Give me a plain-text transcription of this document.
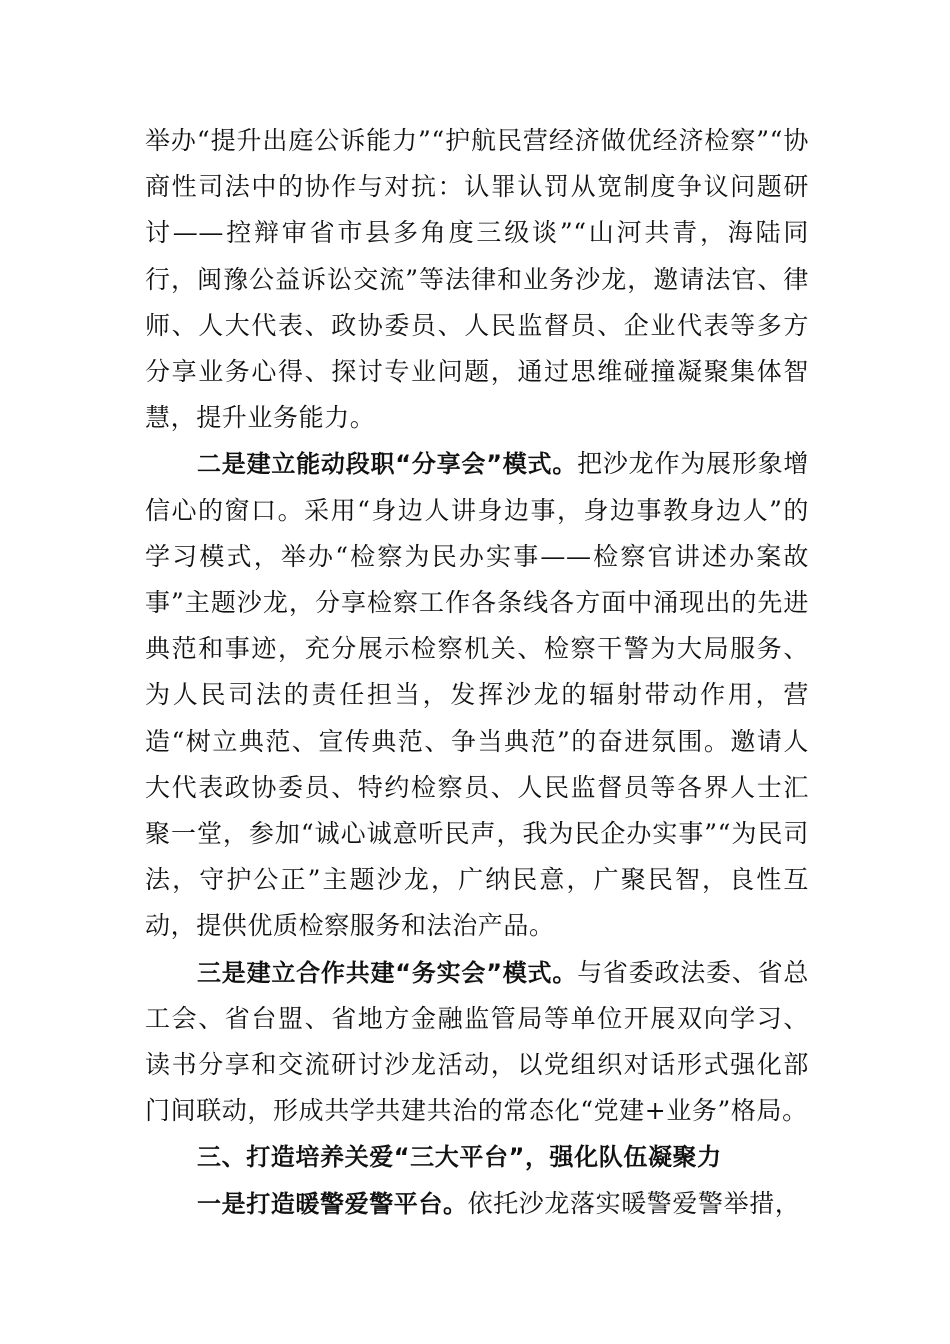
举办“提升出庭公诉能力”“护航民营经济做优经济检察”“协商性司法中的协作与对抗：认罪认罚从宽制度争议问题研讨——控辩审省市县多角度三级谈”“山河共青，海陆同行，闽豫公益诉讼交流”等法律和业务沙龙，邀请法官、律师、人大代表、政协委员、人民监督员、企业代表等多方分享业务心得、探讨专业问题，通过思维碰撞凝聚集体智慧，提升业务能力。

二是建立能动段职“分享会”模式。把沙龙作为展形象增信心的窗口。采用“身边人讲身边事，身边事教身边人”的学习模式，举办“检察为民办实事——检察官讲述办案故事”主题沙龙，分享检察工作各条线各方面中涌现出的先进典范和事迹，充分展示检察机关、检察干警为大局服务、为人民司法的责任担当，发挥沙龙的辐射带动作用，营造“树立典范、宣传典范、争当典范”的奋进氛围。邀请人大代表政协委员、特约检察员、人民监督员等各界人士汇聚一堂，参加“诚心诚意听民声，我为民企办实事”“为民司法，守护公正”主题沙龙，广纳民意，广聚民智，良性互动，提供优质检察服务和法治产品。

三是建立合作共建“务实会”模式。与省委政法委、省总工会、省台盟、省地方金融监管局等单位开展双向学习、读书分享和交流研讨沙龙活动，以党组织对话形式强化部门间联动，形成共学共建共治的常态化“党建+业务”格局。

三、打造培养关爱“三大平台”，强化队伍凝聚力

一是打造暖警爱警平台。依托沙龙落实暖警爱警举措，
